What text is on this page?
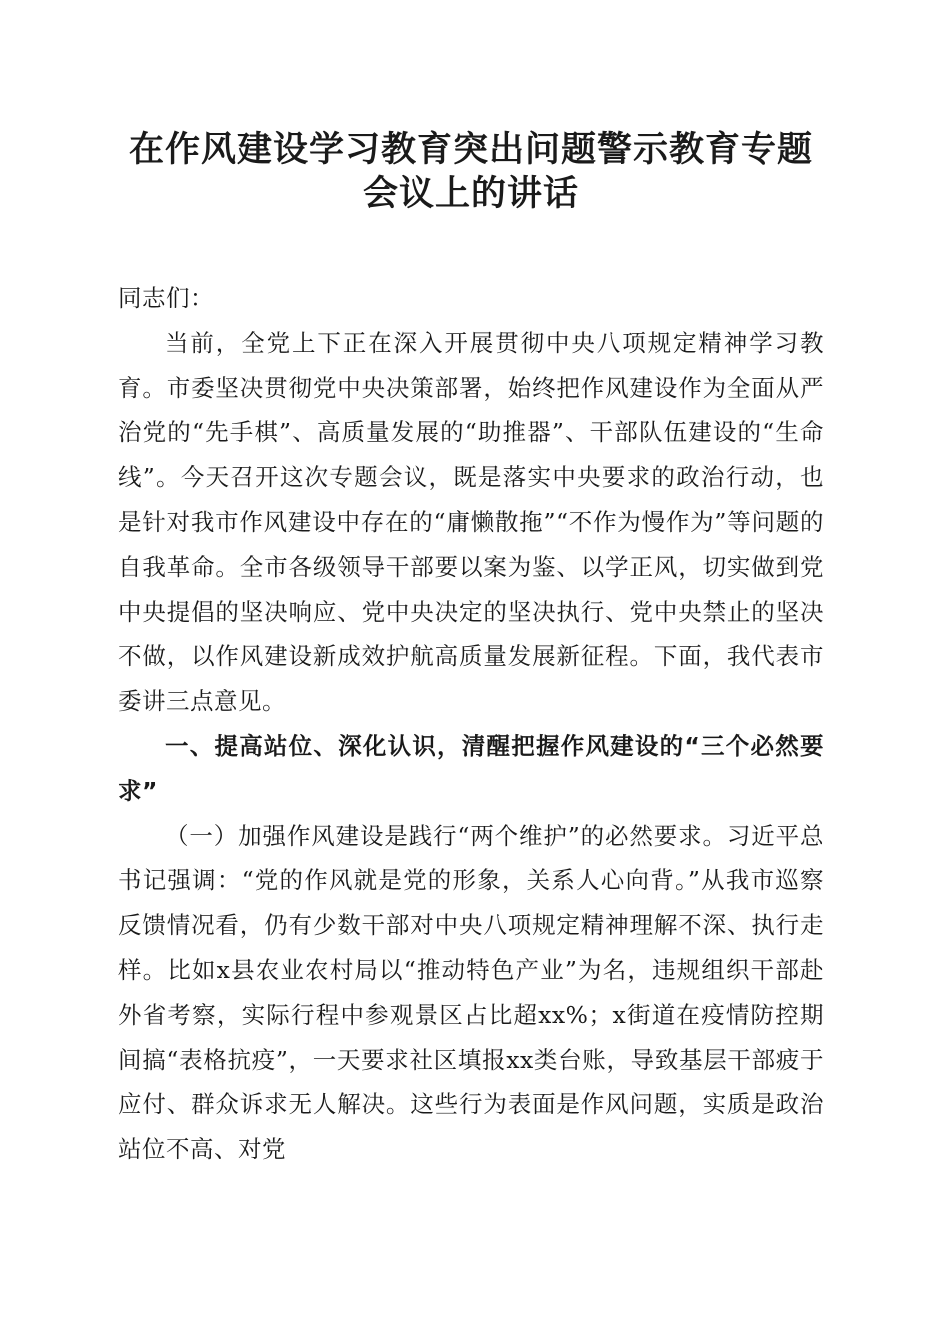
在作风建设学习教育突出问题警示教育专题会议上的讲话

同志们：

当前，全党上下正在深入开展贯彻中央八项规定精神学习教育。市委坚决贯彻党中央决策部署，始终把作风建设作为全面从严治党的“先手棋”、高质量发展的“助推器”、干部队伍建设的“生命线”。今天召开这次专题会议，既是落实中央要求的政治行动，也是针对我市作风建设中存在的“庸懒散拖”“不作为慢作为”等问题的自我革命。全市各级领导干部要以案为鉴、以学正风，切实做到党中央提倡的坚决响应、党中央决定的坚决执行、党中央禁止的坚决不做，以作风建设新成效护航高质量发展新征程。下面，我代表市委讲三点意见。

一、提高站位、深化认识，清醒把握作风建设的“三个必然要求”

（一）加强作风建设是践行“两个维护”的必然要求。习近平总书记强调：“党的作风就是党的形象，关系人心向背。”从我市巡察反馈情况看，仍有少数干部对中央八项规定精神理解不深、执行走样。比如x县农业农村局以“推动特色产业”为名，违规组织干部赴外省考察，实际行程中参观景区占比超xx%；x街道在疫情防控期间搞“表格抗疫”，一天要求社区填报xx类台账，导致基层干部疲于应付、群众诉求无人解决。这些行为表面是作风问题，实质是政治站位不高、对党
